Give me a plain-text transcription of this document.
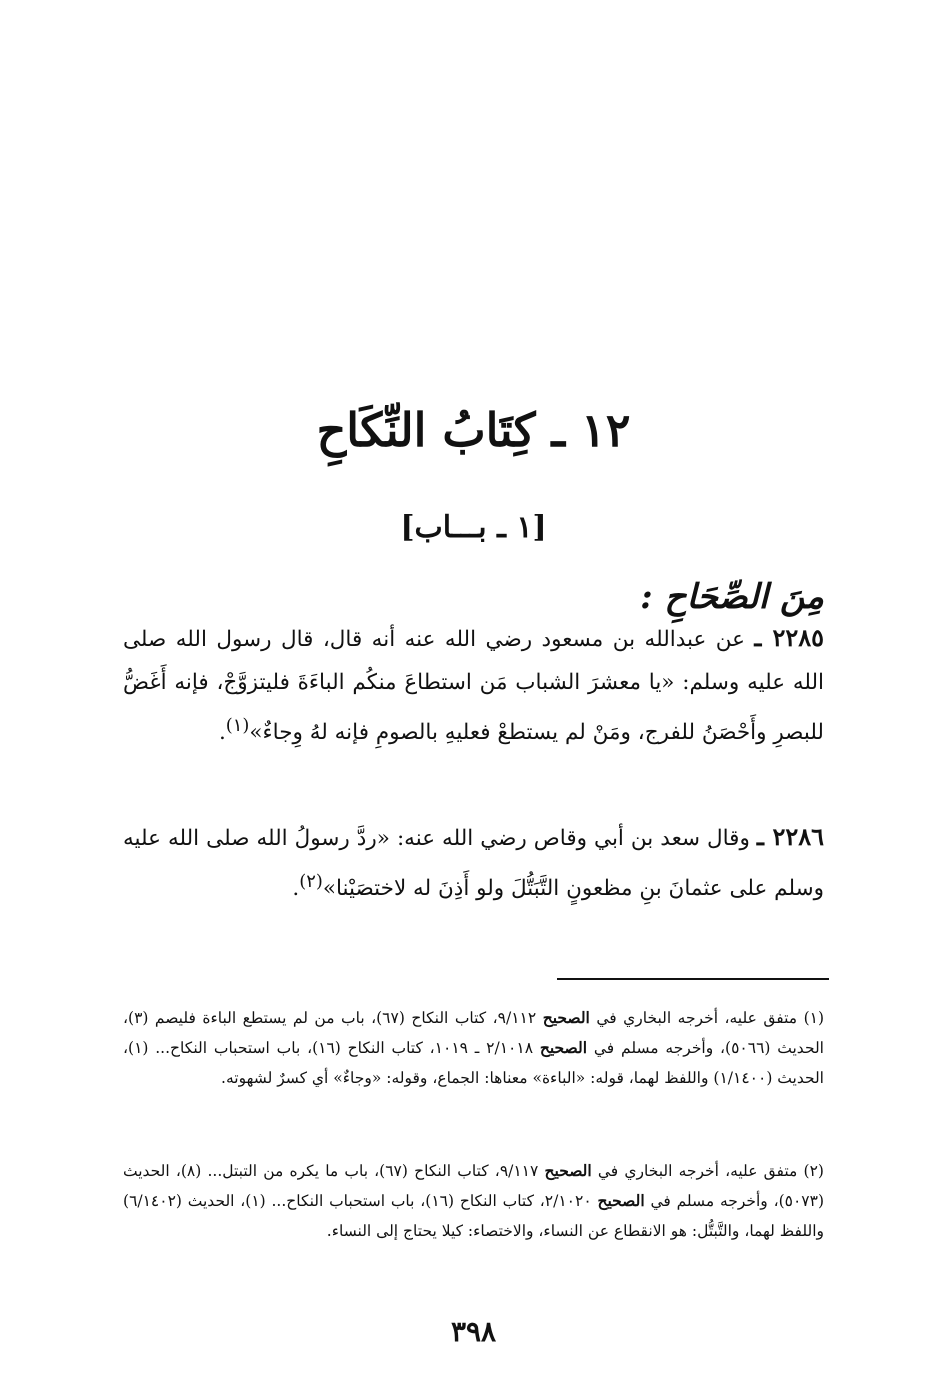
١٢ ـ كِتَابُ النِّكَاحِ
[١ ـ بـــاب]
مِنَ الصِّحَاحِ :
٢٢٨٥ ـ عن عبدالله بن مسعود رضي الله عنه أنه قال، قال رسول الله صلى الله عليه وسلم: «يا معشرَ الشباب مَن استطاعَ منكُم الباءَةَ فليتزوَّجْ، فإنه أَغَضُّ للبصرِ وأَحْصَنُ للفرج، ومَنْ لم يستطعْ فعليهِ بالصومِ فإنه لهُ وِجاءٌ»$^{(١)}$.
٢٢٨٦ ـ وقال سعد بن أبي وقاص رضي الله عنه: «ردَّ رسولُ الله صلى الله عليه وسلم على عثمانَ بنِ مظعونٍ التَّبَتُّلَ ولو أَذِنَ له لاختصَيْنا»$^{(٢)}$.
(١) متفق عليه، أخرجه البخاري في الصحيح ٩/١١٢، كتاب النكاح (٦٧)، باب من لم يستطع الباءة فليصم (٣)، الحديث (٥٠٦٦)، وأخرجه مسلم في الصحيح ٢/١٠١٨ ـ ١٠١٩، كتاب النكاح (١٦)، باب استحباب النكاح... (١)، الحديث (١/١٤٠٠) واللفظ لهما، قوله: «الباءة» معناها: الجماع، وقوله: «وجاءٌ» أي كسرٌ لشهوته.
(٢) متفق عليه، أخرجه البخاري في الصحيح ٩/١١٧، كتاب النكاح (٦٧)، باب ما يكره من التبتل... (٨)، الحديث (٥٠٧٣)، وأخرجه مسلم في الصحيح ٢/١٠٢٠، كتاب النكاح (١٦)، باب استحباب النكاح... (١)، الحديث (٦/١٤٠٢) واللفظ لهما، والتَّبتُّل: هو الانقطاع عن النساء، والاختصاء: كيلا يحتاج إلى النساء.
٣٩٨
